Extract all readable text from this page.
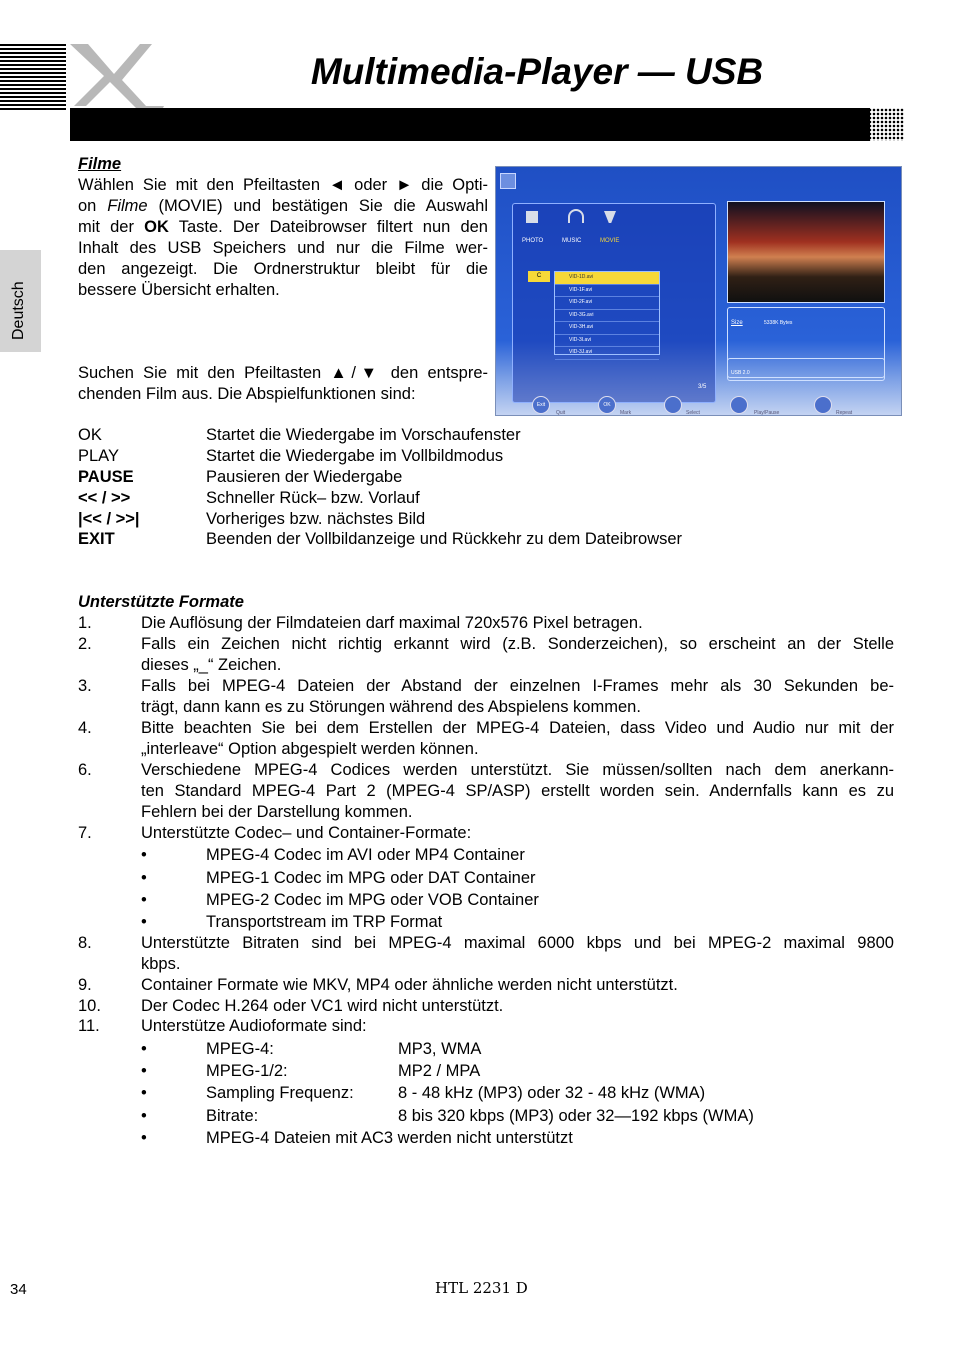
Multimedia-Player — USB
Deutsch
Filme
Wählen Sie mit den Pfeiltasten ◄ oder ► die Opti-
on Filme (MOVIE) und bestätigen Sie die Auswahl
mit der OK Taste. Der Dateibrowser filtert nun den
Inhalt des USB Speichers und nur die Filme wer-
den angezeigt. Die Ordnerstruktur bleibt für die
bessere Übersicht erhalten.
Suchen Sie mit den Pfeiltasten ▲/▼ den entspre-
chenden Film aus. Die Abspielfunktionen sind:
PHOTO	MUSIC	MOVIE
C	VID-1D.avi
VID-1F.avi
VID-2F.avi
VID-3G.avi
VID-3H.avi
VID-3I.avi
VID-3J.avi
3/5
Size	5338K Bytes
USB 2.0
Exit
Quit
OK
Mark	Select	Play/Pause	Repeat
OK	Startet die Wiedergabe im Vorschaufenster
PLAY	Startet die Wiedergabe im Vollbildmodus
PAUSE	Pausieren der Wiedergabe
<< / >>	Schneller Rück– bzw. Vorlauf
|<< / >>|	Vorheriges bzw. nächstes Bild
EXIT	Beenden der Vollbildanzeige und Rückkehr zu dem Dateibrowser
Unterstützte Formate
1.	Die Auflösung der Filmdateien darf maximal 720x576 Pixel betragen.
2.	Falls ein Zeichen nicht richtig erkannt wird (z.B. Sonderzeichen), so erscheint an der Stelle
dieses „_“ Zeichen.
3.	Falls bei MPEG-4 Dateien der Abstand der einzelnen I-Frames mehr als 30 Sekunden be-
trägt, dann kann es zu Störungen während des Abspielens kommen.
4.	Bitte beachten Sie bei dem Erstellen der MPEG-4 Dateien, dass Video und Audio nur mit der
„interleave“ Option abgespielt werden können.
6.	Verschiedene MPEG-4 Codices werden unterstützt. Sie müssen/sollten nach dem anerkann-
ten Standard MPEG-4 Part 2 (MPEG-4 SP/ASP) erstellt worden sein. Andernfalls kann es zu
Fehlern bei der Darstellung kommen.
7.	Unterstützte Codec– und Container-Formate:
•	MPEG-4 Codec im AVI oder MP4 Container
•	MPEG-1 Codec im MPG oder DAT Container
•	MPEG-2 Codec im MPG oder VOB Container
•	Transportstream im TRP Format
8.	Unterstützte Bitraten sind bei MPEG-4 maximal 6000 kbps und bei MPEG-2 maximal 9800
kbps.
9.	Container Formate wie MKV, MP4 oder ähnliche werden nicht unterstützt.
10.	Der Codec H.264 oder VC1 wird nicht unterstützt.
11.	Unterstütze Audioformate sind:
•	MPEG-4:	MP3, WMA
•	MPEG-1/2:	MP2 / MPA
•	Sampling Frequenz:	8 - 48 kHz (MP3) oder 32 - 48 kHz (WMA)
•	Bitrate:	8 bis 320 kbps (MP3) oder 32—192 kbps (WMA)
•	MPEG-4 Dateien mit AC3 werden nicht unterstützt
34	HTL 2231 D
